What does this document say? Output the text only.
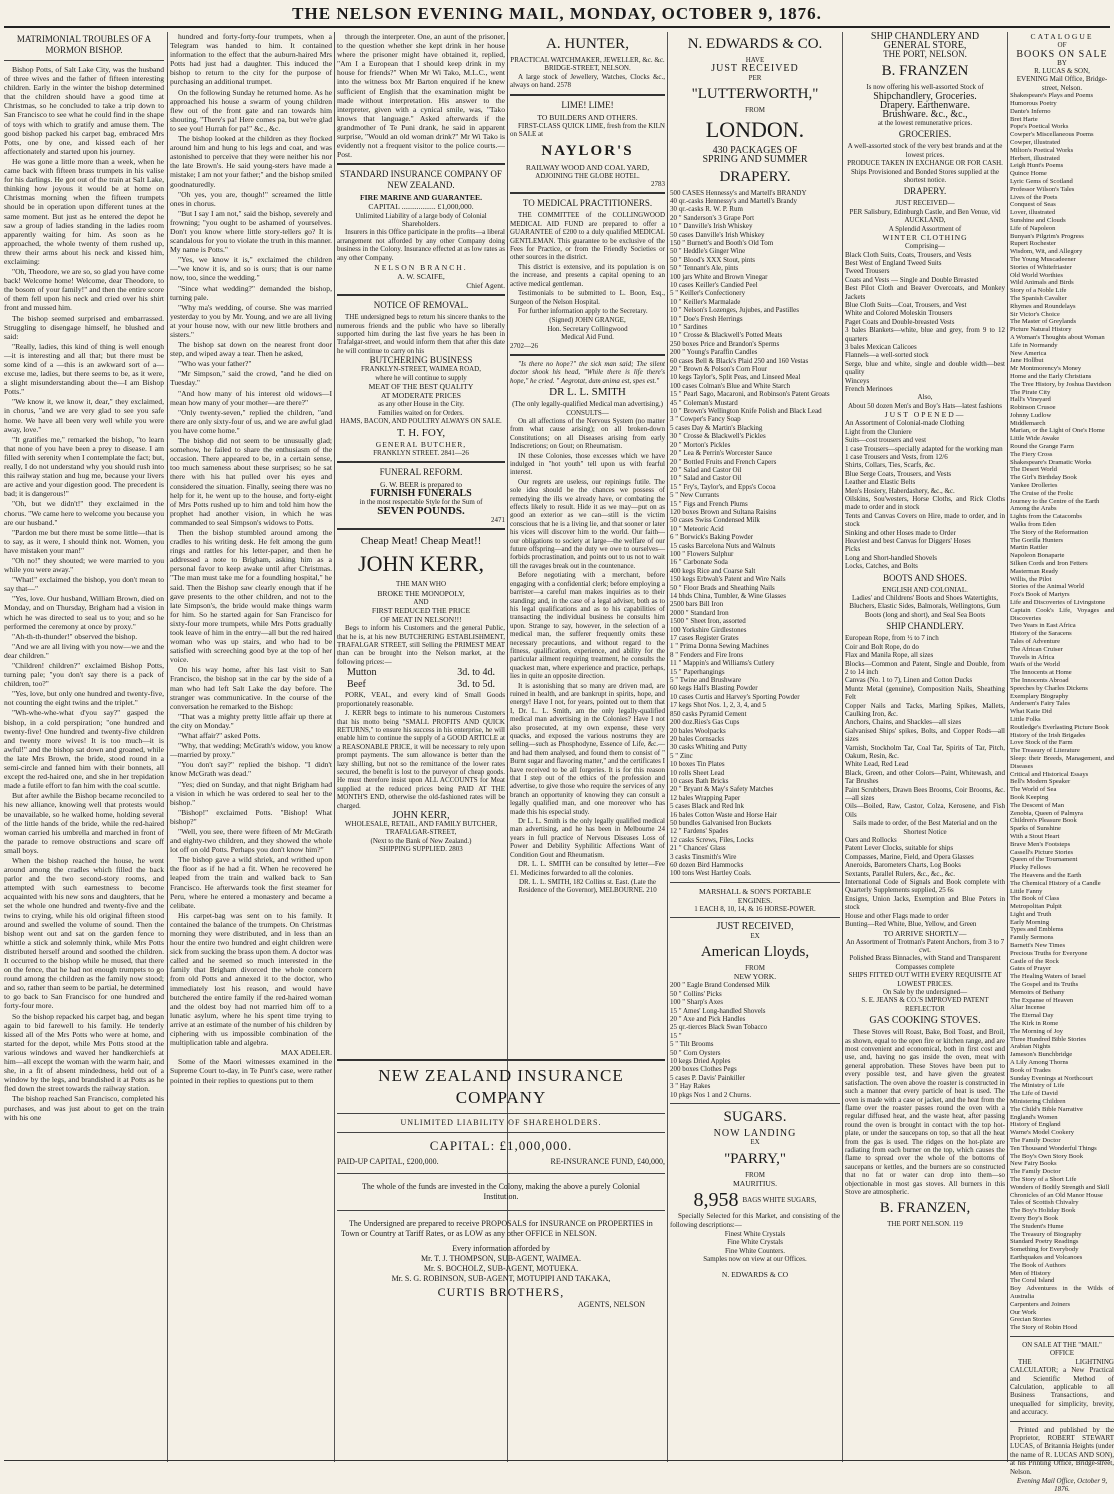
THE NELSON EVENING MAIL, MONDAY, OCTOBER 9, 1876.
MATRIMONIAL TROUBLES OF A MORMON BISHOP.

Bishop Potts, of Salt Lake City, was the husband of three wives and the father of fifteen interesting children. Early in the winter the bishop determined that the children should have a good time at Christmas, so he concluded to take a trip down to San Francisco to see what he could find in the shape of toys with which to gratify and amuse them. The good bishop packed his carpet bag, embraced Mrs Potts, one by one, and kissed each of her affectionately and started upon his journey.

He was gone a little more than a week, when he came back with fifteen brass trumpets in his valise for his darlings. He got out of the train at Salt Lake, thinking how joyous it would be at home on Christmas morning when the fifteen trumpets should be in operation upon different tunes at the same moment. But just as he entered the depot he saw a group of ladies standing in the ladies room apparently waiting for him. As soon as he approached, the whole twenty of them rushed up, threw their arms about his neck and kissed him, exclaiming:

"Oh, Theodore, we are so, so glad you have come back! Welcome home! Welcome, dear Theodore, to the bosom of your family!" and then the entire score of them fell upon his neck and cried over his shirt front and mussed him.

The bishop seemed surprised and embarrassed. Struggling to disengage himself, he blushed and said:

"Really, ladies, this kind of thing is well enough—it is interesting and all that; but there must be some kind of a —this is an awkward sort of a—excuse me, ladies, but there seems to be, as it were, a slight misunderstanding about the—I am Bishop Potts."

"We know it, we know it, dear," they exclaimed, in chorus, "and we are very glad to see you safe home. We have all been very well while you were away, love."

"It gratifies me," remarked the bishop, "to learn that none of you have been a prey to disease. I am filled with serenity when I contemplate the fact; but, really, I do not understand why you should rush into this railway station and hug me, because your livers are active and your digestion good. The precedent is bad; it is dangerous!"

"Oh, but we didn't!" they exclaimed in the chorus. "We came here to welcome you because you are our husband."

"Pardon me but there must be some little—that is to say, as it were, I should think not. Women, you have mistaken your man!"

"Oh no!" they shouted; we were married to you while you were away."

"What!" exclaimed the bishop, you don't mean to say that—"

"Yes, love. Our husband, William Brown, died on Monday, and on Thursday, Brigham had a vision in which he was directed to seal us to you; and so he performed the ceremony at once by proxy."

"Ah-th-th-thunder!" observed the bishop.

"And we are all living with you now—we and the dear children."

"Children! children?" exclaimed Bishop Potts, turning pale; "you don't say there is a pack of children, too?"

"Yes, love, but only one hundred and twenty-five, not counting the eight twins and the triplet."

"Wh-whe-whe-what d'you say?" gasped the bishop, in a cold perspiration; "one hundred and twenty-five! One hundred and twenty-five children and twenty more wives! It is too much—it is awful!" and the bishop sat down and groaned, while the late Mrs Brown, the bride, stood round in a semi-circle and fanned him with their bonnets, all except the red-haired one, and she in her trepidation made a futile effort to fan him with the coal scuttle.

But after awhile the Bishop became reconciled to his new alliance, knowing well that protests would be unavailable, so he walked home, holding several of the little hands of the bride, while the red-haired woman carried his umbrella and marched in front of the parade to remove obstructions and scare off small boys.

When the bishop reached the house, he went around among the cradles which filled the back parlor and the two second-story rooms, and attempted with such earnestness to become acquainted with his new sons and daughters, that he set the whole one hundred and twenty-five and the twins to crying, while his old original fifteen stood around and swelled the volume of sound. Then the bishop went out and sat on the garden fence to whittle a stick and solemnly think, while Mrs Potts distributed herself around and soothed the children. It occurred to the bishop while he mused, that there on the fence, that he had not enough trumpets to go round among the children as the family now stood; and so, rather than seem to be partial, he determined to go back to San Francisco for one hundred and forty-four more.

So the bishop repacked his carpet bag, and began again to bid farewell to his family. He tenderly kissed all of the Mrs Potts who were at home, and started for the depot, while Mrs Potts stood at the various windows and waved her handkerchiefs at him—all except the woman with the warm hair, and she, in a fit of absent mindedness, held out of a window by the legs, and brandished it at Potts as he fled down the street towards the railway station.

The bishop reached San Francisco, completed his purchases, and was just about to get on the train with his one

hundred and forty-forty-four trumpets, when a Telegram was handed to him. It contained information to the effect that the auburn-haired Mrs Potts had just had a daughter. This induced the bishop to return to the city for the purpose of purchasing an additional trumpet.

On the following Sunday he returned home. As he approached his house a swarm of young children flew out of the front gate and ran towards him shouting, "There's pa! Here comes pa, but we're glad to see you! Hurrah for pa!" &c., &c.

The bishop looked at the children as they flocked around him and hung to his legs and coat, and was astonished to perceive that they were neither his nor the late Brown's. He said young-sters have made a mistake; I am not your father;" and the bishop smiled goodnaturedly.

"Oh yes, you are, though!" screamed the little ones in chorus.

"But I say I am not," said the bishop, severely and frowning; "you ought to be ashamed of yourselves. Don't you know where little story-tellers go? It is scandalous for you to violate the truth in this manner. My name is Potts."

"Yes, we know it is," exclaimed the children—"we know it is, and so is ours; that is our name now, too, since the wedding."

"Since what wedding?" demanded the bishop, turning pale.

"Why ma's wedding, of course. She was married yesterday to you by Mr. Young, and we are all living at your house now, with our new little brothers and sisters."

The bishop sat down on the nearest front door step, and wiped away a tear. Then he asked,

"Who was your father?"

"Mr Simpson," said the crowd, "and he died on Tuesday."

"And how many of his interest old widows—I mean how many of your mother—are there?"

"Only twenty-seven," replied the children, "and there are only sixty-four of us, and we are awful glad you have come home."

The bishop did not seem to be unusually glad; somehow, he failed to share the enthusiasm of the occasion. There appeared to be, in a certain sense, too much sameness about these surprises; so he sat there with his hat pulled over his eyes and considered the situation. Finally, seeing there was no help for it, he went up to the house, and forty-eight of Mrs Potts rushed up to him and told him how the prophet had another vision, in which he was commanded to seal Simpson's widows to Potts.

Then the bishop stumbled around among the cradles to his writing desk. He felt among the gum rings and rattles for his letter-paper, and then he addressed a note to Brigham, asking him as a personal favor to keep awake until after Christmas. "The man must take me for a foundling hospital," he said. Then the Bishop saw clearly enough that if he gave presents to the other children, and not to the late Simpson's, the bride would make things warm for him. So he started again for San Francisco for sixty-four more trumpets, while Mrs Potts gradually took leave of him in the entry—all but the red haired woman who was up stairs, and who had to be satisfied with screeching good bye at the top of her voice.

On his way home, after his last visit to San Francisco, the bishop sat in the car by the side of a man who had left Salt Lake the day before. The stranger was communicative. In the course of the conversation he remarked to the Bishop:

"That was a mighty pretty little affair up there at the city on Monday."

"What affair?" asked Potts.

"Why, that wedding; McGrath's widow, you know—married by proxy."

"You don't say?" replied the bishop. "I didn't know McGrath was dead."

"Yes; died on Sunday, and that night Brigham had a vision in which he was ordered to seal her to the bishop."

"Bishop!" exclaimed Potts. "Bishop! What bishop?"

"Well, you see, there were fifteen of Mr McGrath and eighty-two children, and they showed the whole lot off on old Potts. Perhaps you don't know him?"

The bishop gave a wild shriek, and writhed upon the floor as if he had a fit. When he recovered he leaped from the train and walked back to San Francisco. He afterwards took the first steamer for Peru, where he entered a monastery and became a celibate.

His carpet-bag was sent on to his family. It contained the balance of the trumpets. On Christmas morning they were distributed, and in less than an hour the entire two hundred and eight children were sick from sucking the brass upon them. A doctor was called and he seemed so much interested in the family that Brigham divorced the whole concern from old Potts and annexed it to the doctor, who immediately lost his reason, and would have butchered the entire family if the red-haired woman and the oldest boy had not married him off to a lunatic asylum, where he his spent time trying to arrive at an estimate of the number of his children by ciphering with us impossible combination of the multiplication table and algebra.

MAX ADELER.

Some of the Maori witnesses examined in the Supreme Court to-day, in Te Punt's case, were rather pointed in their replies to questions put to them

through the interpreter. One, an aunt of the prisoner, to the question whether she kept drink in her house where the prisoner might have obtained it, replied, "Am I a European that I should keep drink in my house for friends?" When Mr Wi Tako, M.L.C., went into the witness box Mr Barton enquired if he knew sufficient of English that the examination might be made without interpretation. His answer to the interpreter, given with a cynical smile, was, "Tako knows that language." Asked afterwards if the grandmother of Te Puni drank, he said in apparent surprise, "Would an old woman drink?" Mr Wi Tako is evidently not a frequent visitor to the police courts.—Post.

STANDARD INSURANCE COMPANY OF NEW ZEALAND.
FIRE MARINE AND GUARANTEE.
CAPITAL .................. £1,000,000.
Unlimited Liability of a large body of Colonial Shareholders.

Insurers in this Office participate in the profits—a liberal arrangement not afforded by any other Company doing business in the Colony. Insurance effected at as low rates as any other Company.

NELSON BRANCH.
A. W. SCAIFE,
Chief Agent.
NOTICE OF REMOVAL.

THE undersigned begs to return his sincere thanks to the numerous friends and the public who have so liberally supported him during the last five years he has been in Trafalgar-street, and would inform them that after this date he will continue to carry on his

BUTCHERING BUSINESS
FRANKLYN-STREET, WAIMEA ROAD,
where he will continue to supply
MEAT OF THE BEST QUALITY
AT MODERATE PRICES
as any other House in the City.
Families waited on for Orders.
HAMS, BACON, AND POULTRY ALWAYS ON SALE.
T. H. FOY,
GENERAL BUTCHER,
FRANKLYN STREET. 2841—26
FUNERAL REFORM.
G. W. BEER is prepared to
FURNISH FUNERALS
in the most respectable Style for the Sum of
SEVEN POUNDS.
2471
Cheap Meat! Cheap Meat!!
JOHN KERR,
THE MAN WHO
BROKE THE MONOPOLY,
AND
FIRST REDUCED THE PRICE
OF MEAT IN NELSON!!!

Begs to inform his Customers and the general Public, that he is, at his new BUTCHERING ESTABLISHMENT, TRAFALGAR STREET, still Selling the PRIMEST MEAT than can be brought into the Nelson market, at the following prices:—

Mutton	3d. to 4d.
Beef	3d. to 5d.

PORK, VEAL, and every kind of Small Goods proportionately reasonable.

J. KERR begs to intimate to his numerous Customers that his motto being "SMALL PROFITS AND QUICK RETURNS," to ensure his success in his enterprise, he will enable him to continue the supply of a GOOD ARTICLE at a REASONABLE PRICE, it will be necessary to rely upon prompt payments. The sum allowance is better than the lazy shilling, but not so the remittance of the lower rates secured, the benefit is lost to the purveyor of cheap goods. He must therefore insist upon ALL ACCOUNTS for Meat supplied at the reduced prices being PAID AT THE MONTH'S END, otherwise the old-fashioned rates will be charged.

JOHN KERR,
WHOLESALE, RETAIL, AND FAMILY BUTCHER,
TRAFALGAR-STREET,
(Next to the Bank of New Zealand.)
SHIPPING SUPPLIED. 2803
A. HUNTER,
PRACTICAL WATCHMAKER, JEWELLER, &c. &c.
BRIDGE-STREET, NELSON.

A large stock of Jewellery, Watches, Clocks &c., always on hand. 2578

LIME! LIME!
TO BUILDERS AND OTHERS.

FIRST-CLASS QUICK LIME, fresh from the KILN on SALE at

NAYLOR'S
RAILWAY WOOD AND COAL YARD,
ADJOINING THE GLOBE HOTEL.
2783
TO MEDICAL PRACTITIONERS.

THE COMMITTEE of the COLLINGWOOD MEDICAL AID FUND are prepared to offer a GUARANTEE of £200 to a duly qualified MEDICAL GENTLEMAN. This guarantee to be exclusive of the Fees for Practice, or from the Friendly Societies or other sources in the district.

This district is extensive, and its population is on the increase, and presents a capital opening to an active medical gentleman.

Testimonials to be submitted to L. Boon, Esq., Surgeon of the Nelson Hospital.

For further information apply to the Secretary.

(Signed) JOHN GRANGE,
Hon. Secretary Collingwood
Medical Aid Fund.
2702—26

"Is there no hope?" the sick man said; The silent doctor shook his head, "While there is life there's hope," he cried. " Aegrotat, dum anima est, spes est."

DR L. L. SMITH
(The only legally-qualified Medical man advertising,)
CONSULTS—

On all affections of the Nervous System (no matter from what cause arising); on all broken-down Constitutions; on all Diseases arising from early Indiscretions; on Gout; on Rheumatism.

IN these Colonies, those excesses which we have indulged in "hot youth" tell upon us with fearful interest.

Our regrets are useless, our repinings futile. The sole idea should be the chances we possess of remedying the ills we already have, or combating the effects likely to result. Hide it as we may—put on as good an exterior as we can—still is the victim conscious that he is a living lie, and that sooner or later his vices will discover him to the world. Our faith—our obligations to society at large—the welfare of our future offspring—and the duty we owe to ourselves—forbids procrastination, and points out to us not to wait till the ravages break out in the countenance.

Before negotiating with a merchant, before engaging with a confidential clerk; before employing a barrister—a careful man makes inquiries as to their standing; and, in the case of a legal adviser, both as to his legal qualifications and as to his capabilities of transacting the individual business he consults him upon. Strange to say, however, in the selection of a medical man, the sufferer frequently omits these necessary precautions, and without regard to the fitness, qualification, experience, and ability for the particular ailment requiring treatment, he consults the quackest man, where experience and practice, perhaps, lies in quite an opposite direction.

It is astonishing that so many are driven mad, are ruined in health, and are bankrupt in spirits, hope, and energy! Have I not, for years, pointed out to them that I, Dr. L. L. Smith, am the only legally-qualified medical man advertising in the Colonies? Have I not also prosecuted, at my own expense, these very quacks, and exposed the various nostrums they are selling—such as Phosphodyne, Essence of Life, &c.—and had them analysed, and found them to consist of " Burnt sugar and flavoring matter," and the certificates I have received to be all forgeries. It is for this reason that I step out of the ethics of the profession and advertise, to give those who require the services of any branch an opportunity of knowing they can consult a legally qualified man, and one moreover who has made this his especial study.

Dr L. L. Smith is the only legally qualified medical man advertising, and he has been in Melbourne 24 years in full practice of Nervous Diseases Loss of Power and Debility Syphilitic Affections Want of Condition Gout and Rheumatism.

DR. L. L. SMITH can be consulted by letter—Fee £1. Medicines forwarded to all the colonies.

DR. L. L. SMITH, 182 Collins st. East. (Late the Residence of the Governor), MELBOURNE. 210
NEW ZEALAND INSURANCE COMPANY
UNLIMITED LIABILITY OF SHAREHOLDERS.
CAPITAL: £1,000,000.
PAID-UP CAPITAL, £200,000.	RE-INSURANCE FUND, £40,000,

The whole of the funds are invested in the Colony, making the above a purely Colonial Institution.

The Undersigned are prepared to receive PROPOSALS for INSURANCE on PROPERTIES in Town or Country at Tariff Rates, or as LOW as any other OFFICE in NELSON.

Every information afforded by
Mr. T. J. THOMPSON, SUB-AGENT, WAIMEA.
Mr. S. BOCHOLZ, SUB-AGENT, MOTUEKA.
Mr. S. G. ROBINSON, SUB-AGENT, MOTUPIPI AND TAKAKA,
CURTIS BROTHERS,
AGENTS, NELSON
N. EDWARDS & CO.
HAVE
JUST RECEIVED
PER
"LUTTERWORTH,"
FROM
LONDON.
430 PACKAGES OF
SPRING AND SUMMER
DRAPERY.
500 CASES Hennessy's and Martell's BRANDY
40 qr.-casks Hennessy's and Martell's Brandy
30 qr.-casks R. W. P. Rum
20 " Sanderson's 3 Grape Port
10 " Danville's Irish Whiskey
50 cases Danville's Irish Whiskey
150 " Burnett's and Booth's Old Tom
50 " Heddle's Ginger Wine
50 " Blood's XXX Stout, pints
50 " Tennant's Ale, pints
100 jars White and Brown Vinegar
10 cases Keiller's Candied Peel
5 " Keiller's Confectionery
10 " Keiller's Marmalade
10 " Nelson's Lozenges, Jujubes, and Pastilles
10 " Doe's Fresh Herrings
10 " Sardines
10 " Crosse & Blackwell's Potted Meats
250 boxes Price and Brandon's Sperms
200 " Young's Paraffin Candles
60 cases Bell & Black's Plaid 250 and 160 Vestas
20 " Brown & Polson's Corn Flour
10 kegs Taylor's, Split Peas, and Linseed Meal
100 cases Colman's Blue and White Starch
15 " Pearl Sago, Macaroni, and Robinson's Patent Groats
45 " Coleman's Mustard
10 " Brown's Wellington Knife Polish and Black Lead
3 " Cowper's Fancy Soap
5 cases Day & Martin's Blacking
30 " Crosse & Blackwell's Pickles
20 " Morton's Pickles
20 " Lea & Perrin's Worcester Sauce
20 " Bottled Fruits and French Capers
20 " Salad and Castor Oil
10 " Salad and Castor Oil
15 " Fry's, Taylor's, and Epps's Cocoa
5 " New Currants
15 " Figs and French Plums
120 boxes Brown and Sultana Raisins
50 cases Swiss Condensed Milk
10 " Meteoric Acid
6 " Borwick's Baking Powder
15 casks Barcelona Nuts and Walnuts
100 " Flowers Sulphur
16 " Carbonate Soda
400 kegs Rice and Coarse Salt
150 kegs Erbwah's Patent and Wire Nails
50 " Floor Brads and Sheathing Nails
14 bhds China, Tumbler, & Wine Glasses
2500 bars Bill Iron
2000 " Standard Iron
1500 " Sheet Iron, assorted
100 Yorkshire Girdlestones
17 cases Register Grates
1 " Prima Donna Sewing Machines
8 " Fenders and Fire Irons
11 " Mappin's and Williams's Cutlery
15 " Paperhangings
5 " Twine and Brushware
60 kegs Hall's Blasting Powder
10 cases Curtis and Harvey's Sporting Powder
17 kegs Shot Nos. 1, 2, 3, 4, and 5
850 casks Pyramid Cement
200 doz.Ries's Gas Cups
20 bales Woolpacks
20 bales Cornsacks
30 casks Whiting and Putty
5 " Zinc
10 boxes Tin Plates
10 rolls Sheet Lead
10 cases Bath Bricks
20 " Bryant & May's Safety Matches
12 bales Wrapping Paper
5 cases Black and Red Ink
16 bales Cotton Waste and Horse Hair
50 bundles Galvanised Iron Buckets
12 " Fardens' Spades
12 casks Screws, Files, Locks
21 " Chances' Glass
3 casks Tinsmith's Wire
60 dozen Bird Hammocks
100 tons West Hartley Coals.
MARSHALL & SON'S PORTABLE
ENGINES.
1 EACH 8, 10, 14, & 16 HORSE-POWER.
JUST RECEIVED,
EX
American Lloyds,
FROM
NEW YORK.
200 " Eagle Brand Condensed Milk
50 " Collins' Picks
100 " Sharp's Axes
15 " Ames' Long-handled Shovels
20 " Axe and Pick Handles
25 qr.-tierces Black Swan Tobacco
15 "
5 " Tilt Brooms
50 " Corn Oysters
10 kegs Dried Apples
200 boxes Clothes Pegs
5 cases P. Davis' Painkiller
3 " Hay Rakes
10 pkgs Nos 1 and 2 Churns.
SUGARS.
NOW LANDING
EX
"PARRY,"
FROM
MAURITIUS.
8,958 BAGS WHITE SUGARS,

Specially Selected for this Market, and consisting of the following descriptions:—

Finest White Crystals
Fine White Crystals
Fine White Counters.
Samples now on view at our Offices.
N. EDWARDS & CO
SHIP CHANDLERY AND
GENERAL STORE,
THE PORT, NELSON.
B. FRANZEN
Is now offering his well-assorted Stock of
Shipchandlery, Groceries.
Drapery. Earthenware.
Brushware. &c., &c.,
at the lowest remunerative prices.
GROCERIES.
A well-assorted stock of the very best brands and at the lowest prices.
PRODUCE TAKEN IN EXCHANGE OR FOR CASH.
Ships Provisioned and Bonded Stores supplied at the shortest notice.
DRAPERY.
JUST RECEIVED—
PER Salisbury, Edinburgh Castle, and Ben Venue, vid AUCKLAND,
A Splendid Assortment of
WINTER CLOTHING
Comprising—
Black Cloth Suits, Coats, Trousers, and Vests
Best West of England Tweed Suits
Tweed Trousers
Coats and Vests — Single and Double Breasted
Best Pilot Cloth and Beaver Overcoats, and Monkey Jackets
Blue Cloth Suits—Coat, Trousers, and Vest
White and Colored Moleskin Trousers
Paget Coats and Double-breasted Vests
3 bales Blankets—white, blue and grey, from 9 to 12 quarters
3 bales Mexican Calicoes
Flannels—a well-sorted stock
Serge, blue and white, single and double width—best quality
Winceys
French Merinoes
Also,
About 50 dozen Men's and Boy's Hats—latest fashions
JUST OPENED—
An Assortment of Colonial-made Clothing
Light from the Cluniere
Suits—cost trousers and vest
1 case Trousers—specially adapted for the working man
1 case Trousers and Vests, from 12/6
Shirts, Collars, Ties, Scarfs, &c.
Blue Serge Coats, Trousers, and Vests
Leather and Elastic Belts
Men's Hosiery, Haberdashery, &c., &c.
Oilskins, Sou'westers, Horse Cloths, and Rick Cloths made to order and in stock
Tents and Canvas Covers on Hire, made to order, and in stock
Sinking and other Hoses made to Order
Heaviest and best Canvas for Diggers' Hoses
Picks
Long and Short-handled Shovels
Locks, Catches, and Bolts
BOOTS AND SHOES.
ENGLISH AND COLONIAL.
Ladies' and Childrens' Boots and Shoes Watertights, Bluchers, Elastic Sides, Balmorals, Wellingtons, Gum Boots (long and short), and Seal Sea Boots
SHIP CHANDLERY.
European Rope, from ½ to 7 inch
Coir and Bolt Rope, do do
Flax and Manila Rope, all sizes
Blocks—Common and Patent, Single and Double, from 2 to 14 inch
Canvas (No. 1 to 7), Linen and Cotton Ducks
Muntz Metal (genuine), Composition Nails, Sheathing Felt
Copper Nails and Tacks, Marling Spikes, Mallets, Caulking Iron, &c.
Anchors, Chains, and Shackles—all sizes
Galvanised Ships' spikes, Bolts, and Copper Rods—all sizes
Varnish, Stockholm Tar, Coal Tar, Spirits of Tar, Pitch, Oakum, Resin, &c.
White Lead, Red Lead
Black, Green, and other Colors—Paint, Whitewash, and Tar Brushes
Paint Scrubbers, Drawn Bees Brooms, Coir Brooms, &c.—all sizes
Oils—Boiled, Raw, Castor, Colza, Kerosene, and Fish Oils
Sails made to order, of the Best Material and on the Shortest Notice
Oars and Rollocks
Patent Lever Clocks, suitable for ships
Compasses, Marine, Field, and Opera Glasses
Aneroids, Barometers Charts, Log Books
Sextants, Parallel Rulers, &c., &c., &c.
International Code of Signals and Book complete with Quarterly Supplements supplied, 25 6s
Ensigns, Union Jacks, Exemption and Blue Peters in stock
House and other Flags made to order
Bunting—Red White, Blue, Yellow, and Green
TO ARRIVE SHORTLY—
An Assortment of Trotman's Patent Anchors, from 3 to 7 cwt.
Polished Brass Binnacles, with Stand and Transparent Compasses complete
SHIPS FITTED OUT WITH EVERY REQUISITE AT LOWEST PRICES.
On Sale by the undersigned—
S. E. JEANS & CO.'S IMPROVED PATENT REFLECTOR
GAS COOKING STOVES.

These Stoves will Roast, Bake, Boil Toast, and Broil, as shown, equal to the open fire or kitchen range, and are most convenient and economical, both in first cost and use, and, having no gas inside the oven, meat with general approbation. These Stoves have been put to every possible test, and have given the greatest satisfaction. The oven above the roaster is constructed in such a manner that every particle of heat is used. The oven is made with a case or jacket, and the heat from the flame over the roaster passes round the oven with a regular diffused heat, and the waste heat, after passing round the oven is brought in contact with the top hot-plate, or under the saucepans on top, so that all the heat from the gas is used. The ridges on the hot-plate are radiating from each burner on the top, which causes the flame to spread over the whole of the bottoms of saucepans or kettles, and the burners are so constructed that no fat or water can drop into them—so objectionable in most gas stoves. All burners in this Stove are atmospheric.

B. FRANZEN,
THE PORT NELSON. 119
CATALOGUE
OF
BOOKS ON SALE
BY
R. LUCAS & SON,
EVENING Mail Office, Bridge-street, Nelson.
Shakespeare's Plays and Poems
Humorous Poetry
Dante's Inferno
Bret Harte
Pope's Poetical Works
Cowper's Miscellaneous Poems
Cowper, illustrated
Milton's Poetical Works
Herbert, illustrated
Leigh Hunt's Poems
Quince Home
Lyric Gems of Scotland
Professor Wilson's Tales
Lives of the Poets
Conquest of Seas
Lover, illustrated
Sunshine and Clouds
Life of Napoleon
Bunyan's Pilgrim's Progress
Rupert Rochester
Wisdom, Wit, and Allegory
The Young Muscadeener
Stories of Whitefriaster
Old World Worthies
Wild Animals and Birds
Story of a Noble Life
The Spanish Cavalier
Rhymes and Roundelays
Sir Victor's Choice
The Master of Greylands
Picture Natural History
A Woman's Thoughts about Woman
Life in Normandy
New America
Jane Hollbut
Mr Montmorency's Money
Home and the Early Christians
The Tree History, by Joshua Davidson
The Pirate City
Hall's Vineyard
Robinson Crusoe
Johnny Ludlow
Middlemarch
Marian, or the Light of One's Home
Little Wide Awake
Round the Grange Farm
The Fiery Cross
Shakespeare's Dramatic Works
The Desert World
The Girl's Birthday Book
Yankee Drolleries
The Cruise of the Frolic
Journey to the Centre of the Earth
Among the Arabs
Lights from the Catacombs
Walks from Eden
The Story of the Reformation
The Gorilla Hunters
Martin Rattler
Napoleon Bonaparte
Silken Cords and Iron Fetters
Masterman Ready
Willis, the Pilot
Stories of the Animal World
Fox's Book of Martyrs
Life and Discoveries of Livingstone
Captain Cook's Life, Voyages and Discoveries
Two Years in East Africa
History of the Saracens
Tales of Adventure
The African Cruiser
Travels in Africa
Waifs of the World
The Innocents at Home
The Innocents Abroad
Speeches by Charles Dickens
Exemplary Biography
Andersen's Fairy Tales
What Katie Did
Little Folks
Routledge's Everlasting Picture Book
History of the Irish Brigades
Love Stock of the Farm
The Treasury of Literature
Sleep: their Breeds, Management, and Diseases
Critical and Historical Essays
Bell's Modern Speaker
The World of Sea
Book Keeping
The Descent of Man
Zenobia, Queen of Palmyra
Children's Pleasure Book
Sparks of Sunshine
With a Stout Heart
Brave Men's Footsteps
Cassell's Picture Stories
Queen of the Tournament
Plucky Fellows
The Heavens and the Earth
The Chemical History of a Candle
Little Fanny
The Book of Class
Metropolitan Pulpit
Light and Truth
Early Morning
Types and Emblems
Family Sermons
Barnett's New Times
Precious Truths for Everyone
Castle of the Rock
Gates of Prayer
The Healing Waters of Israel
The Gospel and its Truths
Memoirs of Bethany
The Expanse of Heaven
Altar Incense
The Eternal Day
The Kirk in Rome
The Morning of Joy
Three Hundred Bible Stories
Arabian Nights
Jameson's Bunchbridge
A Lily Among Thorns
Book of Trades
Sunday Evenings at Northcourt
The Ministry of Life
The Life of David
Ministering Children
The Child's Bible Narrative
England's Women
History of England
Warne's Model Cookery
The Family Doctor
Ten Thousand Wonderful Things
The Boy's Own Story Book
New Fairy Books
The Family Doctor
The Story of a Short Life
Wonders of Bodily Strength and Skill
Chronicles of an Old Manor House
Tales of Scottish Chivalry
The Boy's Holiday Book
Every Boy's Book
The Student's Hume
The Treasury of Biography
Standard Poetry Readings
Something for Everybody
Earthquakes and Volcanoes
The Book of Authors
Men of History
The Coral Island
Boy Adventures in the Wilds of Australia
Carpenters and Joiners
Our Work
Grecian Stories
The Story of Robin Hood
ON SALE AT THE "MAIL" OFFICE

THE LIGHTNING CALCULATOR; a New Practical and Scientific Method of Calculation, applicable to all Business Transactions, and unequalled for simplicity, brevity, and accuracy.

Printed and published by the Proprietor, ROBERT STEWART LUCAS, of Britannia Heights (under the name of R. LUCAS AND SON), at his Printing Office, Bridge-street, Nelson.

Evening Mail Office, October 9, 1876.
